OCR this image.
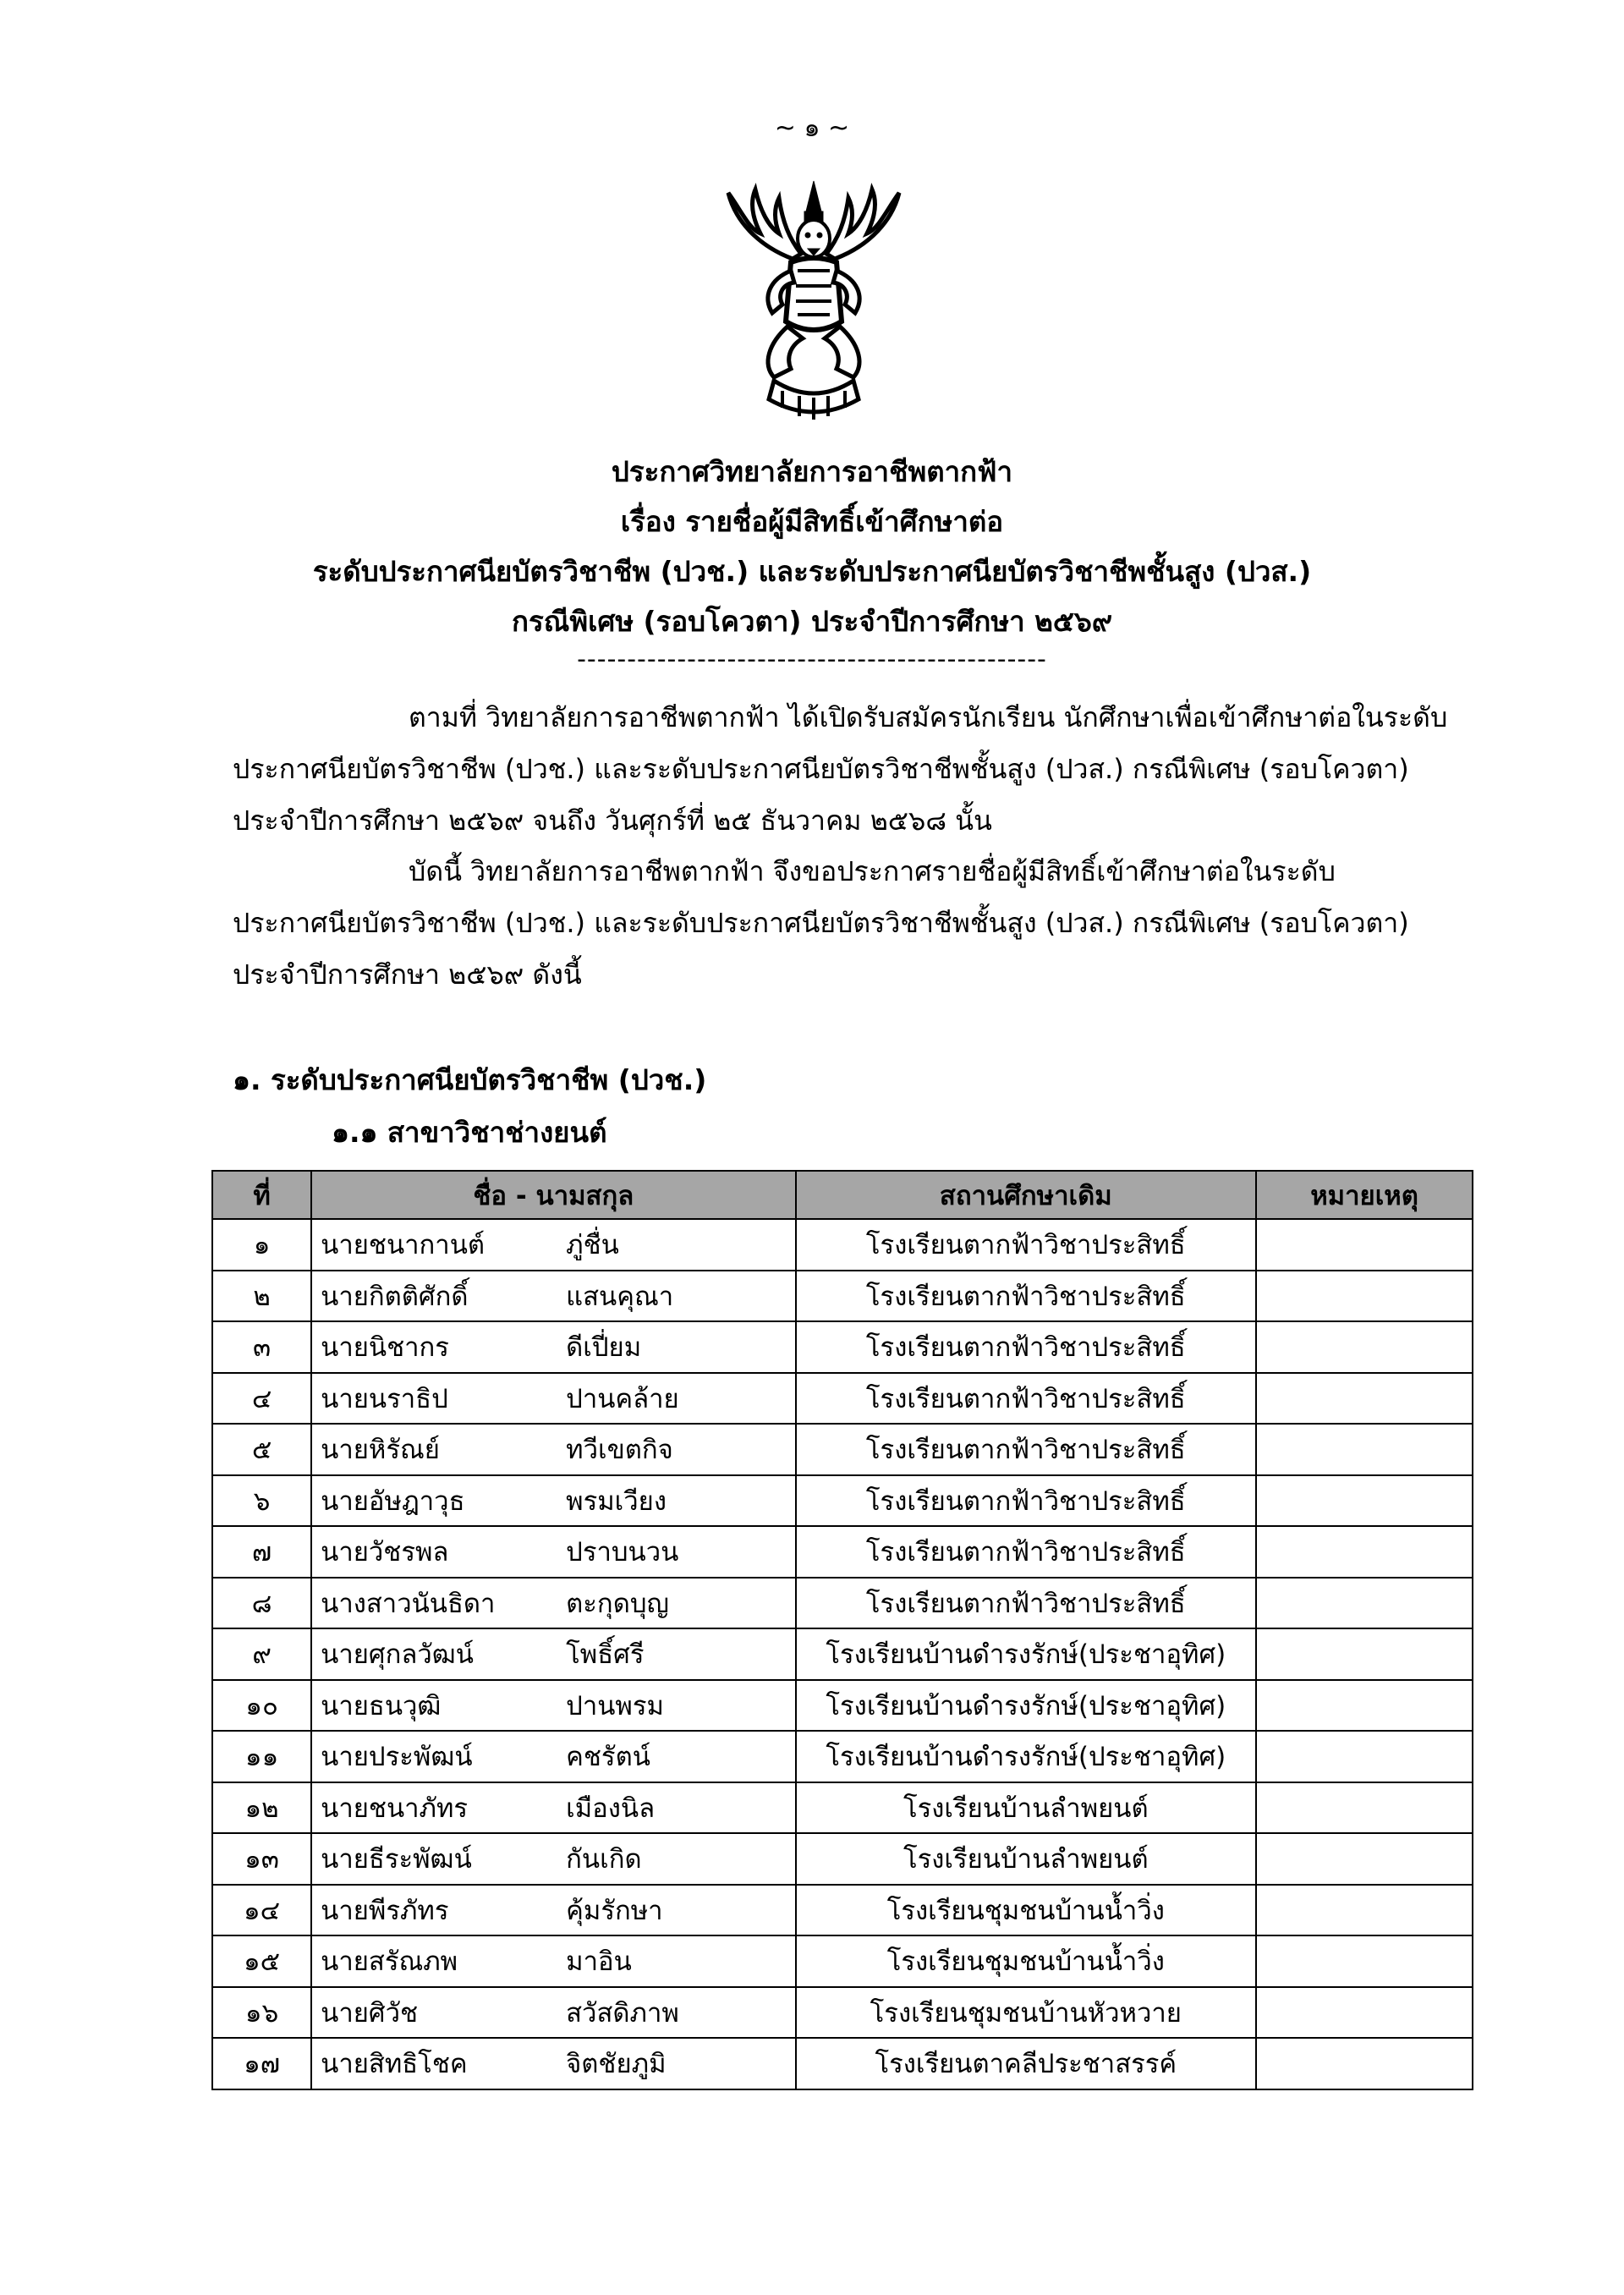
~ ๑ ~
ประกาศวิทยาลัยการอาชีพตากฟ้า
เรื่อง รายชื่อผู้มีสิทธิ์เข้าศึกษาต่อ
ระดับประกาศนียบัตรวิชาชีพ (ปวช.) และระดับประกาศนียบัตรวิชาชีพชั้นสูง (ปวส.)
กรณีพิเศษ (รอบโควตา) ประจำปีการศึกษา ๒๕๖๙
-----------------------------------------------
ตามที่ วิทยาลัยการอาชีพตากฟ้า ได้เปิดรับสมัครนักเรียน นักศึกษาเพื่อเข้าศึกษาต่อในระดับประกาศนียบัตรวิชาชีพ (ปวช.) และระดับประกาศนียบัตรวิชาชีพชั้นสูง (ปวส.) กรณีพิเศษ (รอบโควตา) ประจำปีการศึกษา ๒๕๖๙ จนถึง วันศุกร์ที่ ๒๕ ธันวาคม ๒๕๖๘ นั้น
บัดนี้ วิทยาลัยการอาชีพตากฟ้า จึงขอประกาศรายชื่อผู้มีสิทธิ์เข้าศึกษาต่อในระดับประกาศนียบัตรวิชาชีพ (ปวช.) และระดับประกาศนียบัตรวิชาชีพชั้นสูง (ปวส.) กรณีพิเศษ (รอบโควตา) ประจำปีการศึกษา ๒๕๖๙ ดังนี้
๑. ระดับประกาศนียบัตรวิชาชีพ (ปวช.)
๑.๑ สาขาวิชาช่างยนต์
ที่	ชื่อ - นามสกุล	สถานศึกษาเดิม	หมายเหตุ
๑	นายชนากานต์ ภู่ชื่น	โรงเรียนตากฟ้าวิชาประสิทธิ์	
๒	นายกิตติศักดิ์ แสนคุณา	โรงเรียนตากฟ้าวิชาประสิทธิ์	
๓	นายนิชากร ดีเปี่ยม	โรงเรียนตากฟ้าวิชาประสิทธิ์	
๔	นายนราธิป ปานคล้าย	โรงเรียนตากฟ้าวิชาประสิทธิ์	
๕	นายหิรัณย์ ทวีเขตกิจ	โรงเรียนตากฟ้าวิชาประสิทธิ์	
๖	นายอัษฎาวุธ พรมเวียง	โรงเรียนตากฟ้าวิชาประสิทธิ์	
๗	นายวัชรพล ปราบนวน	โรงเรียนตากฟ้าวิชาประสิทธิ์	
๘	นางสาวนันธิดา ตะกุดบุญ	โรงเรียนตากฟ้าวิชาประสิทธิ์	
๙	นายศุกลวัฒน์ โพธิ์ศรี	โรงเรียนบ้านดำรงรักษ์(ประชาอุทิศ)	
๑๐	นายธนวุฒิ ปานพรม	โรงเรียนบ้านดำรงรักษ์(ประชาอุทิศ)	
๑๑	นายประพัฒน์ คชรัตน์	โรงเรียนบ้านดำรงรักษ์(ประชาอุทิศ)	
๑๒	นายชนาภัทร เมืองนิล	โรงเรียนบ้านลำพยนต์	
๑๓	นายธีระพัฒน์ กันเกิด	โรงเรียนบ้านลำพยนต์	
๑๔	นายพีรภัทร คุ้มรักษา	โรงเรียนชุมชนบ้านน้ำวิ่ง	
๑๕	นายสรัณภพ มาอิน	โรงเรียนชุมชนบ้านน้ำวิ่ง	
๑๖	นายศิวัช สวัสดิภาพ	โรงเรียนชุมชนบ้านหัวหวาย	
๑๗	นายสิทธิโชค จิตชัยภูมิ	โรงเรียนตาคลีประชาสรรค์	
